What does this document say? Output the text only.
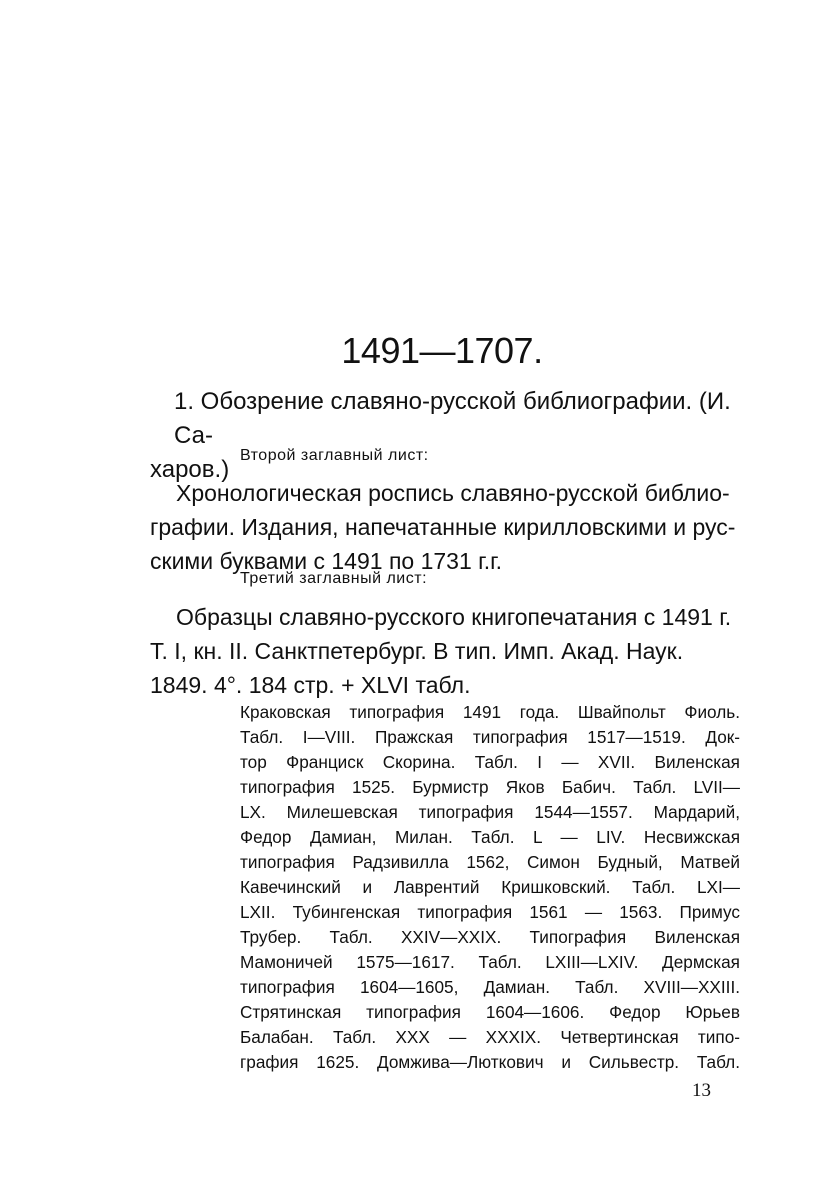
1491—1707.
1. Обозрение славяно-русской библиографии. (И. Са-
харов.)
Второй заглавный лист:
Хронологическая роспись славяно-русской библио-
графии. Издания, напечатанные кирилловскими и рус-
скими буквами с 1491 по 1731 г.г.
Третий заглавный лист:
Образцы славяно-русского книгопечатания с 1491 г.
Т. I, кн. II. Санктпетербург. В тип. Имп. Акад. Наук.
1849. 4°. 184 стр. + XLVI табл.
Краковская типография 1491 года. Швайпольт Фиоль.
Табл. I—VIII. Пражская типография 1517—1519. Док-
тор Франциск Скорина. Табл. I — XVII. Виленская
типография 1525. Бурмистр Яков Бабич. Табл. LVII—
LX. Милешевская типография 1544—1557. Мардарий,
Федор Дамиан, Милан. Табл. L — LIV. Несвижская
типография Радзивилла 1562, Симон Будный, Матвей
Кавечинский и Лаврентий Кришковский. Табл. LXI—
LXII. Тубингенская типография 1561 — 1563. Примус
Трубер. Табл. XXIV—XXIX. Типография Виленская
Мамоничей 1575—1617. Табл. LXIII—LXIV. Дермская
типография 1604—1605, Дамиан. Табл. XVIII—XXIII.
Стрятинская типография 1604—1606. Федор Юрьев
Балабан. Табл. XXX — XXXIX. Четвертинская типо-
графия 1625. Домжива—Люткович и Сильвестр. Табл.
13
